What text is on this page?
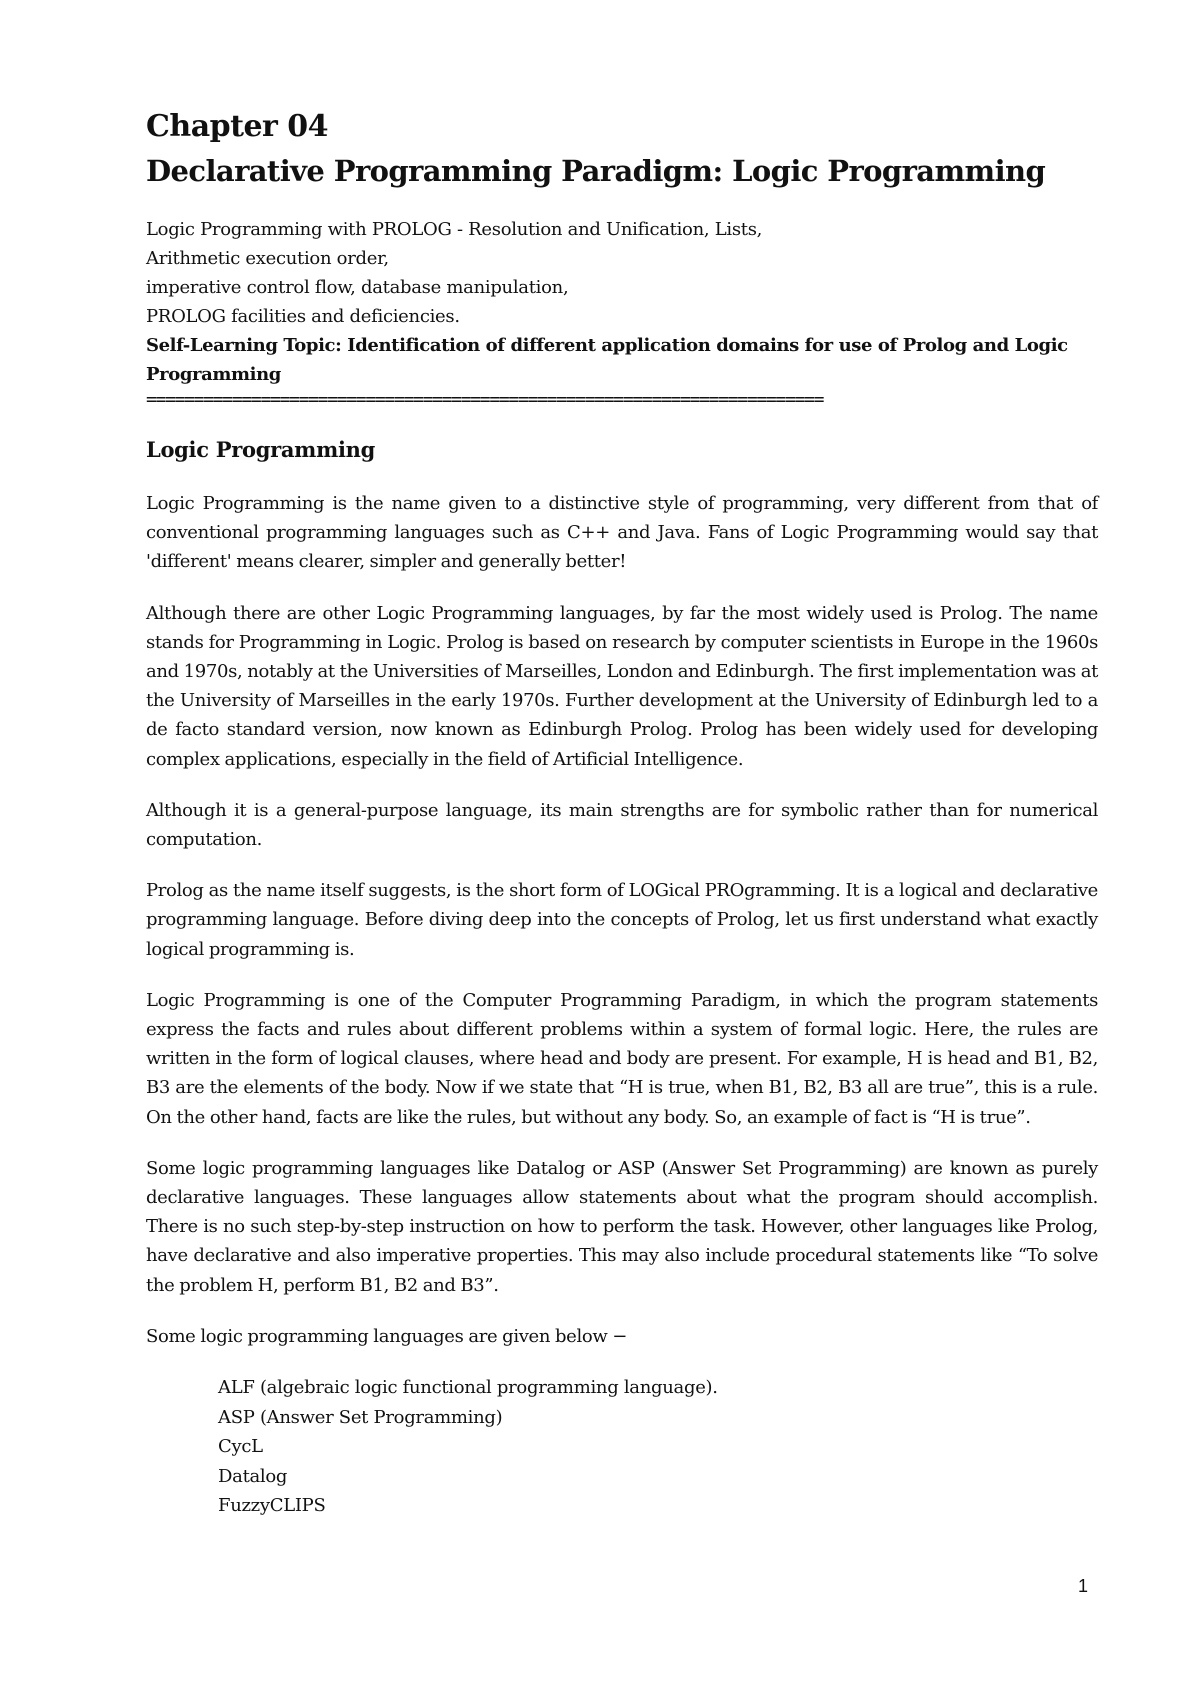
Chapter 04
Declarative Programming Paradigm: Logic Programming

Logic Programming with PROLOG - Resolution and Unification, Lists,

Arithmetic execution order,

imperative control flow, database manipulation,

PROLOG facilities and deficiencies.

Self-Learning Topic: Identification of different application domains for use of Prolog and Logic Programming

=======================================================================
Logic Programming

Logic Programming is the name given to a distinctive style of programming, very different from that of conventional programming languages such as C++ and Java. Fans of Logic Programming would say that 'different' means clearer, simpler and generally better!

Although there are other Logic Programming languages, by far the most widely used is Prolog. The name stands for Programming in Logic. Prolog is based on research by computer scientists in Europe in the 1960s and 1970s, notably at the Universities of Marseilles, London and Edinburgh. The first implementation was at the University of Marseilles in the early 1970s. Further development at the University of Edinburgh led to a de facto standard version, now known as Edinburgh Prolog. Prolog has been widely used for developing complex applications, especially in the field of Artificial Intelligence.

Although it is a general-purpose language, its main strengths are for symbolic rather than for numerical computation.

Prolog as the name itself suggests, is the short form of LOGical PROgramming. It is a logical and declarative programming language. Before diving deep into the concepts of Prolog, let us first understand what exactly logical programming is.

Logic Programming is one of the Computer Programming Paradigm, in which the program statements express the facts and rules about different problems within a system of formal logic. Here, the rules are written in the form of logical clauses, where head and body are present. For example, H is head and B1, B2, B3 are the elements of the body. Now if we state that “H is true, when B1, B2, B3 all are true”, this is a rule. On the other hand, facts are like the rules, but without any body. So, an example of fact is “H is true”.

Some logic programming languages like Datalog or ASP (Answer Set Programming) are known as purely declarative languages. These languages allow statements about what the program should accomplish. There is no such step-by-step instruction on how to perform the task. However, other languages like Prolog, have declarative and also imperative properties. This may also include procedural statements like “To solve the problem H, perform B1, B2 and B3”.

Some logic programming languages are given below −

ALF (algebraic logic functional programming language).
ASP (Answer Set Programming)
CycL
Datalog
FuzzyCLIPS
1
